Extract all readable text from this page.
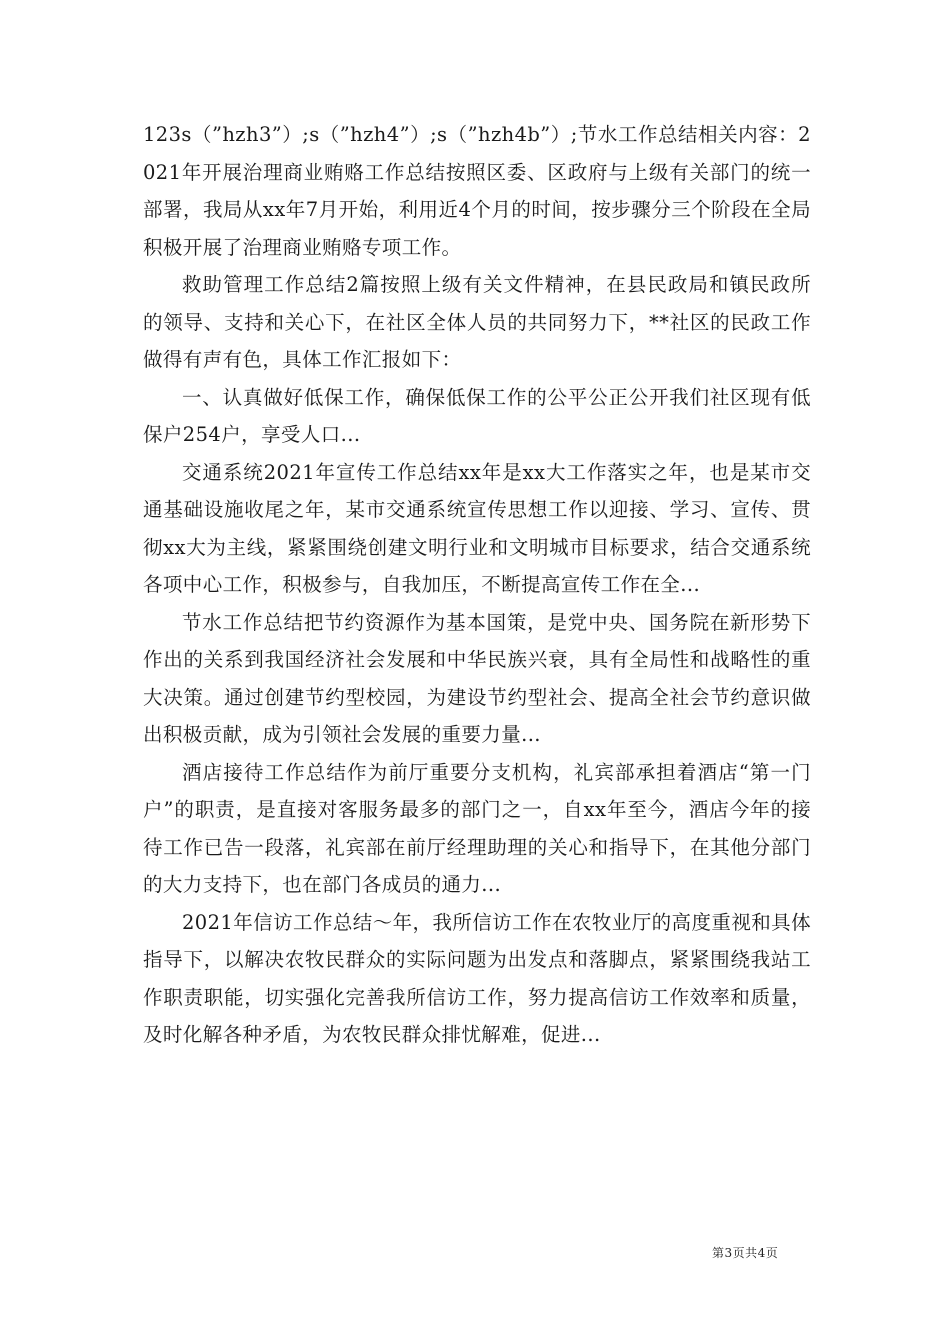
123s（”hzh3”）;s（”hzh4”）;s（”hzh4b”）;节水工作总结相关内容：2021年开展治理商业贿赂工作总结按照区委、区政府与上级有关部门的统一部署，我局从xx年7月开始，利用近4个月的时间，按步骤分三个阶段在全局积极开展了治理商业贿赂专项工作。

救助管理工作总结2篇按照上级有关文件精神，在县民政局和镇民政所的领导、支持和关心下，在社区全体人员的共同努力下，**社区的民政工作做得有声有色，具体工作汇报如下：

一、认真做好低保工作，确保低保工作的公平公正公开我们社区现有低保户254户，享受人口...

交通系统2021年宣传工作总结xx年是xx大工作落实之年，也是某市交通基础设施收尾之年，某市交通系统宣传思想工作以迎接、学习、宣传、贯彻xx大为主线，紧紧围绕创建文明行业和文明城市目标要求，结合交通系统各项中心工作，积极参与，自我加压，不断提高宣传工作在全...

节水工作总结把节约资源作为基本国策，是党中央、国务院在新形势下作出的关系到我国经济社会发展和中华民族兴衰，具有全局性和战略性的重大决策。通过创建节约型校园，为建设节约型社会、提高全社会节约意识做出积极贡献，成为引领社会发展的重要力量...

酒店接待工作总结作为前厅重要分支机构，礼宾部承担着酒店“第一门户”的职责，是直接对客服务最多的部门之一，自xx年至今，酒店今年的接待工作已告一段落，礼宾部在前厅经理助理的关心和指导下，在其他分部门的大力支持下，也在部门各成员的通力...

2021年信访工作总结～年，我所信访工作在农牧业厅的高度重视和具体指导下，以解决农牧民群众的实际问题为出发点和落脚点，紧紧围绕我站工作职责职能，切实强化完善我所信访工作，努力提高信访工作效率和质量，及时化解各种矛盾，为农牧民群众排忧解难，促进...

第3页共4页
